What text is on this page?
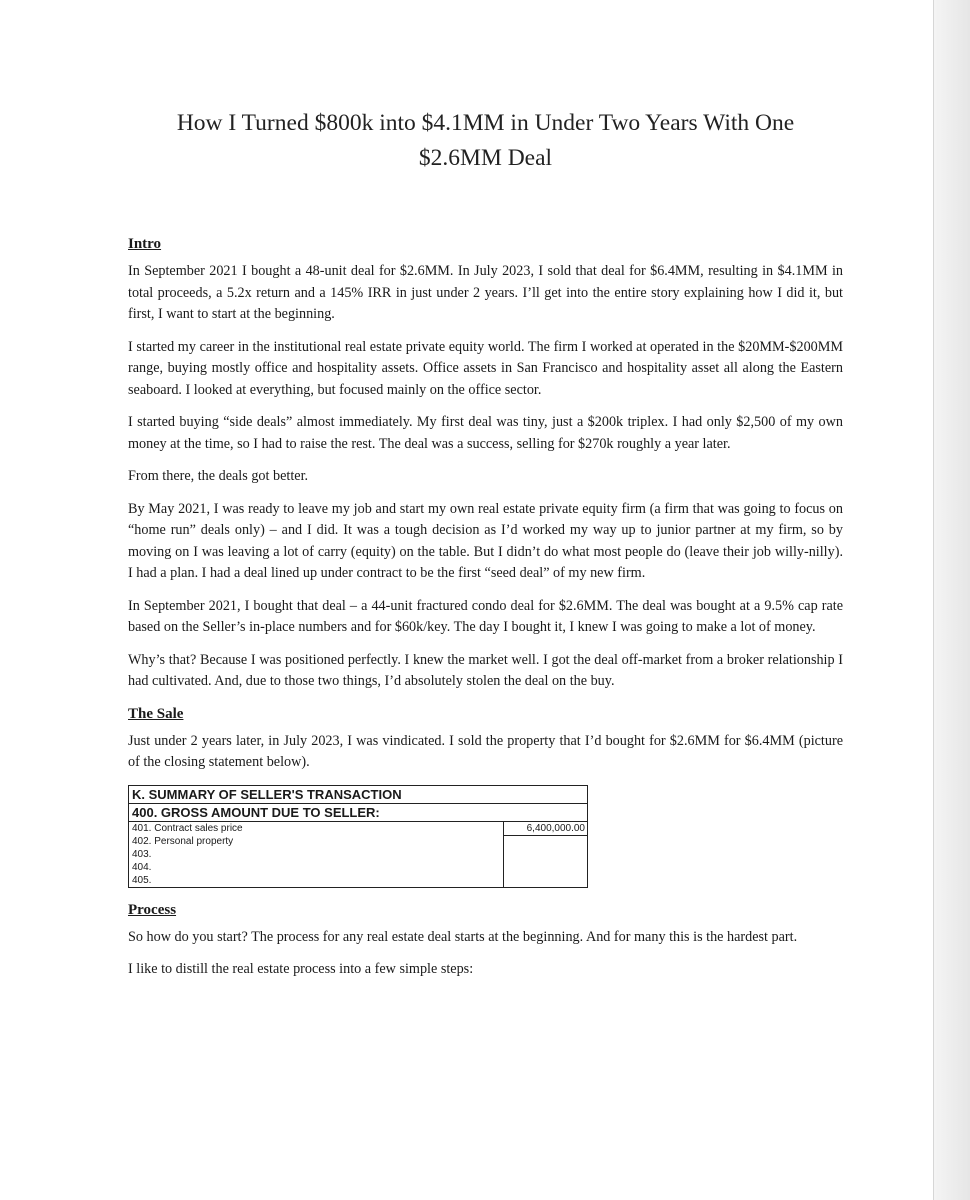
How I Turned $800k into $4.1MM in Under Two Years With One
$2.6MM Deal
Intro

In September 2021 I bought a 48-unit deal for $2.6MM. In July 2023, I sold that deal for $6.4MM, resulting in $4.1MM in total proceeds, a 5.2x return and a 145% IRR in just under 2 years. I’ll get into the entire story explaining how I did it, but first, I want to start at the beginning.

I started my career in the institutional real estate private equity world. The firm I worked at operated in the $20MM-$200MM range, buying mostly office and hospitality assets. Office assets in San Francisco and hospitality asset all along the Eastern seaboard. I looked at everything, but focused mainly on the office sector.

I started buying “side deals” almost immediately. My first deal was tiny, just a $200k triplex. I had only $2,500 of my own money at the time, so I had to raise the rest. The deal was a success, selling for $270k roughly a year later.

From there, the deals got better.

By May 2021, I was ready to leave my job and start my own real estate private equity firm (a firm that was going to focus on “home run” deals only) – and I did. It was a tough decision as I’d worked my way up to junior partner at my firm, so by moving on I was leaving a lot of carry (equity) on the table. But I didn’t do what most people do (leave their job willy-nilly). I had a plan. I had a deal lined up under contract to be the first “seed deal” of my new firm.

In September 2021, I bought that deal – a 44-unit fractured condo deal for $2.6MM. The deal was bought at a 9.5% cap rate based on the Seller’s in-place numbers and for $60k/key. The day I bought it, I knew I was going to make a lot of money.

Why’s that? Because I was positioned perfectly. I knew the market well. I got the deal off-market from a broker relationship I had cultivated. And, due to those two things, I’d absolutely stolen the deal on the buy.

The Sale

Just under 2 years later, in July 2023, I was vindicated. I sold the property that I’d bought for $2.6MM for $6.4MM (picture of the closing statement below).

K. SUMMARY OF SELLER'S TRANSACTION
400. GROSS AMOUNT DUE TO SELLER:
401. Contract sales price
402. Personal property
403.
404.
405.
6,400,000.00
Process

So how do you start? The process for any real estate deal starts at the beginning. And for many this is the hardest part.

I like to distill the real estate process into a few simple steps:
